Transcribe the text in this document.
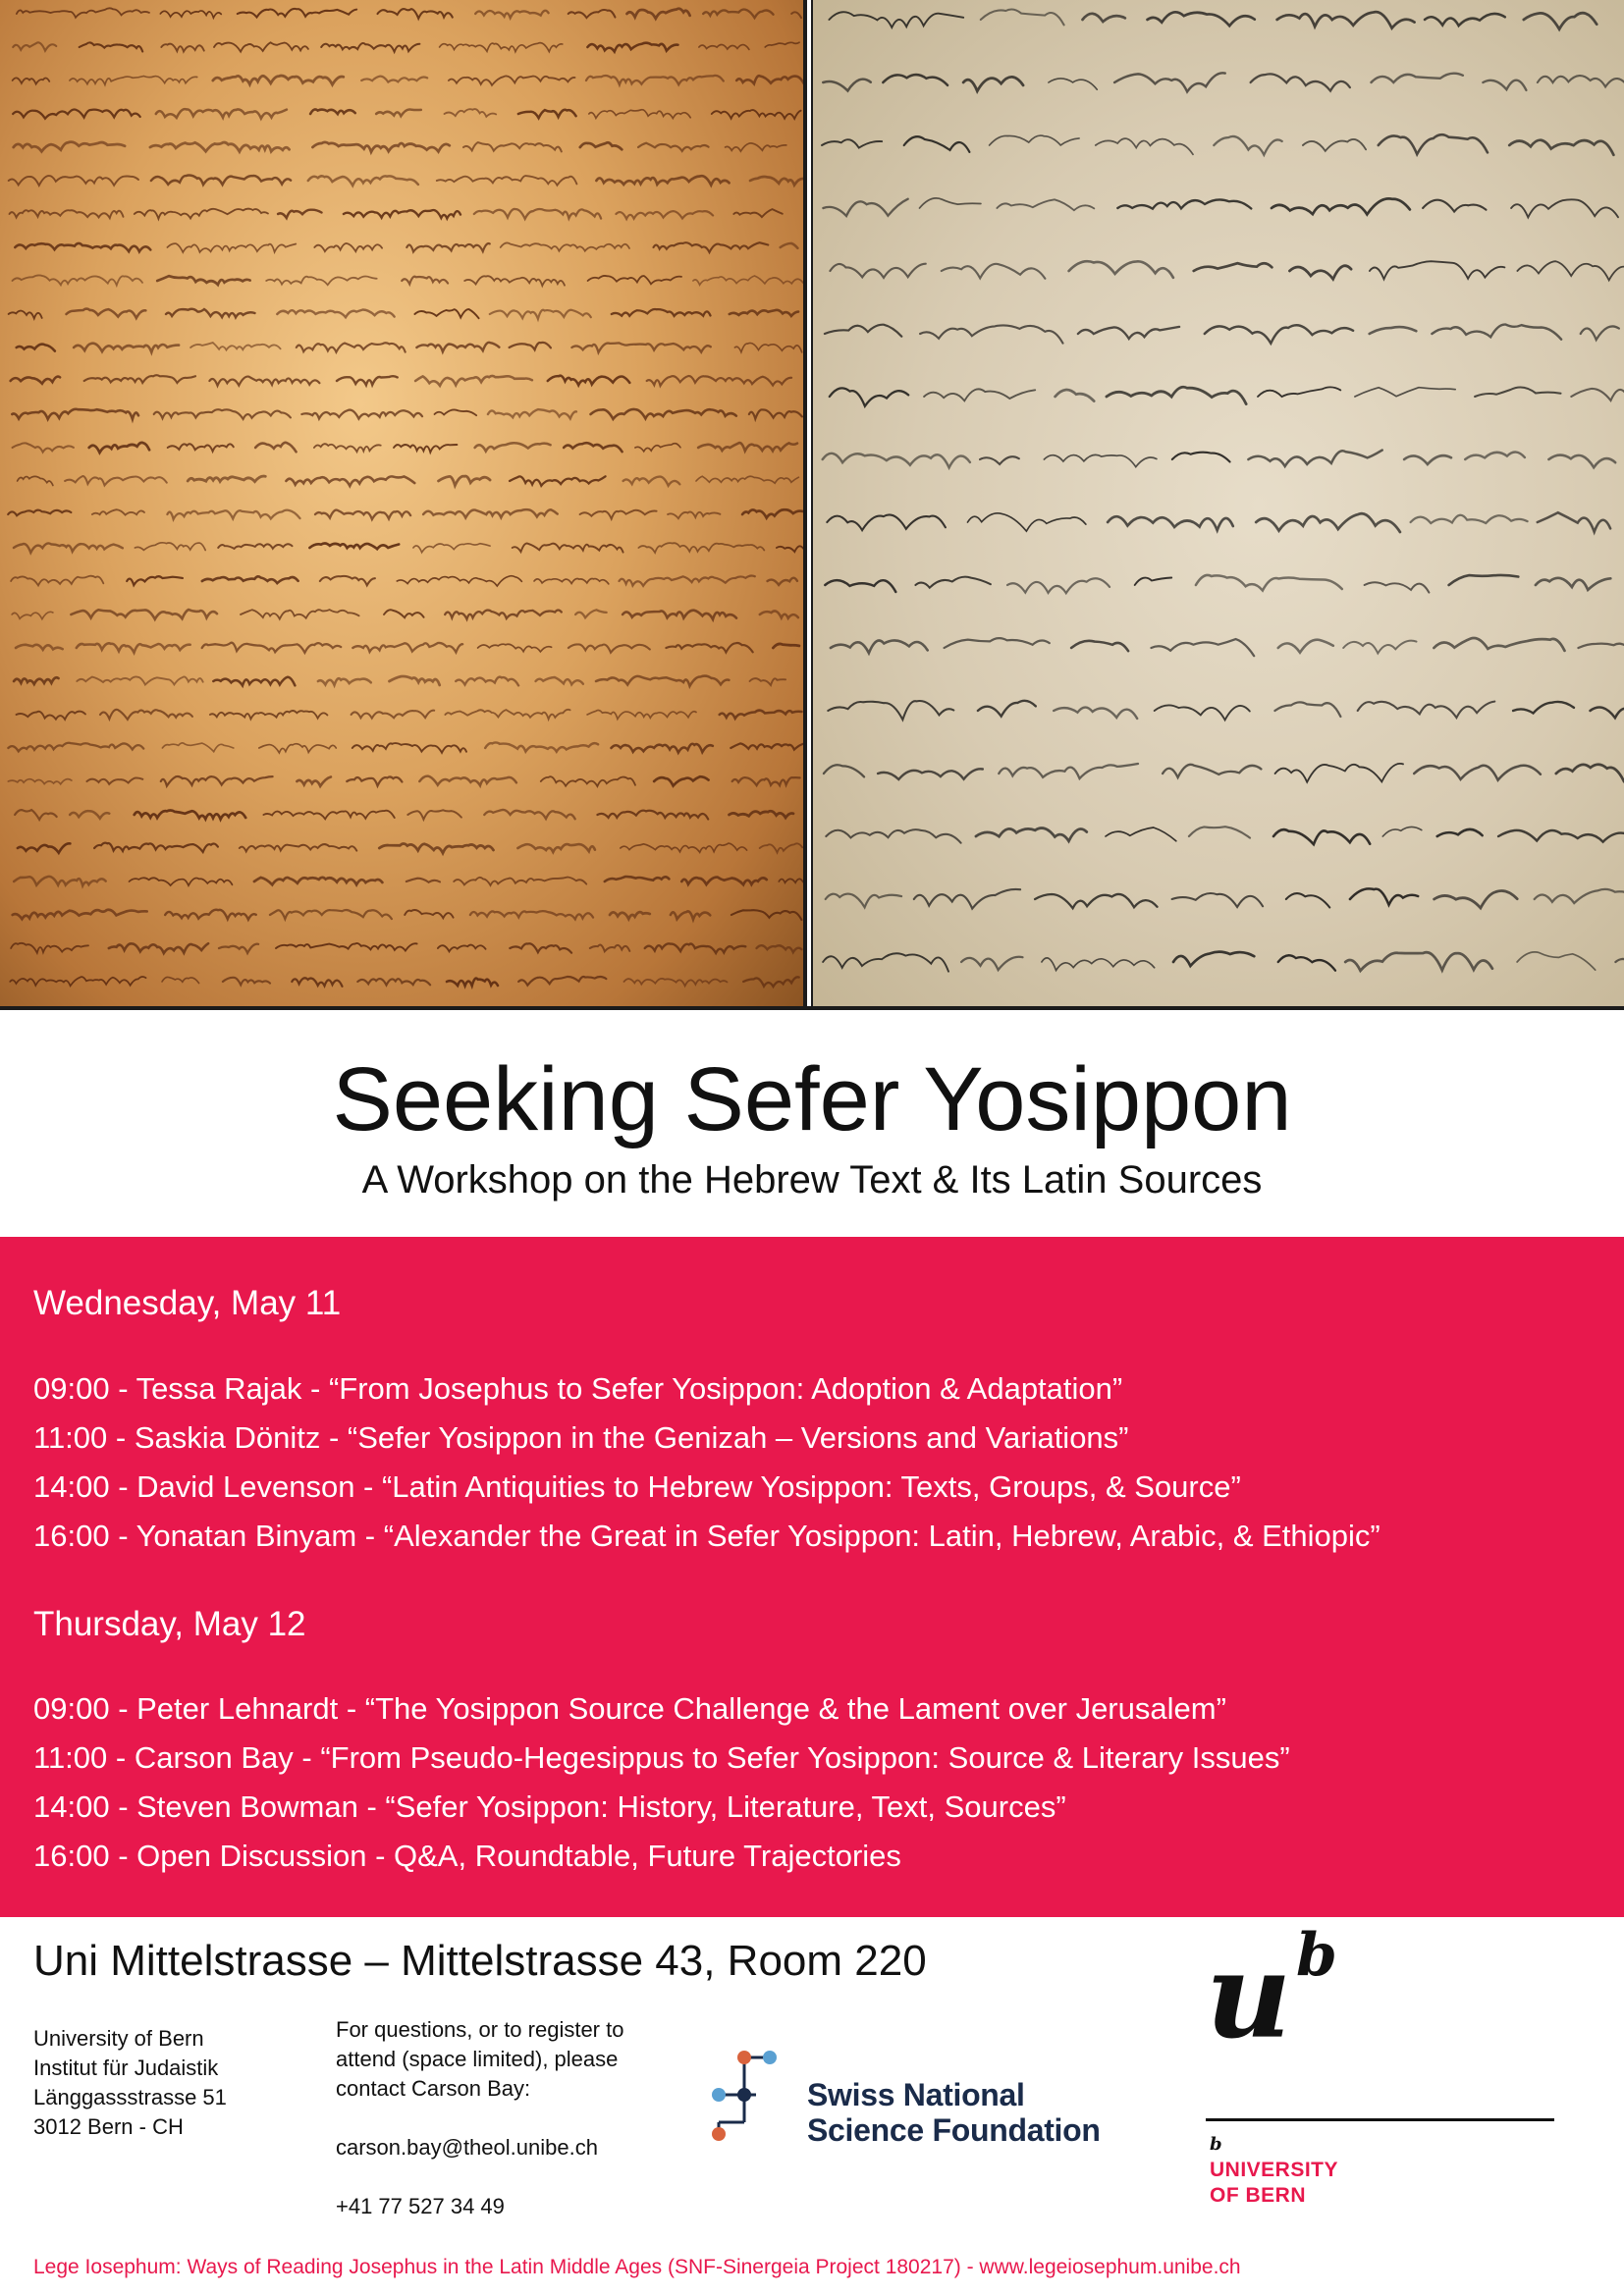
Seeking Sefer Yosippon
A Workshop on the Hebrew Text & Its Latin Sources
Wednesday, May 11
09:00 - Tessa Rajak - “From Josephus to Sefer Yosippon: Adoption & Adaptation”
11:00 - Saskia Dönitz - “Sefer Yosippon in the Genizah – Versions and Variations”
14:00 - David Levenson - “Latin Antiquities to Hebrew Yosippon: Texts, Groups, & Source”
16:00 - Yonatan Binyam - “Alexander the Great in Sefer Yosippon: Latin, Hebrew, Arabic, & Ethiopic”
Thursday, May 12
09:00 - Peter Lehnardt - “The Yosippon Source Challenge & the Lament over Jerusalem”
11:00 - Carson Bay - “From Pseudo-Hegesippus to Sefer Yosippon: Source & Literary Issues”
14:00 - Steven Bowman - “Sefer Yosippon: History, Literature, Text, Sources”
16:00 - Open Discussion - Q&A, Roundtable, Future Trajectories
Uni Mittelstrasse – Mittelstrasse 43, Room 220
University of Bern
Institut für Judaistik
Länggassstrasse 51
3012 Bern - CH
For questions, or to register to
attend (space limited), please
contact Carson Bay:
carson.bay@theol.unibe.ch
+41 77 527 34 49
Swiss National
Science Foundation
u b
b
UNIVERSITY
OF BERN
Lege Iosephum: Ways of Reading Josephus in the Latin Middle Ages (SNF-Sinergeia Project 180217) - www.legeiosephum.unibe.ch
